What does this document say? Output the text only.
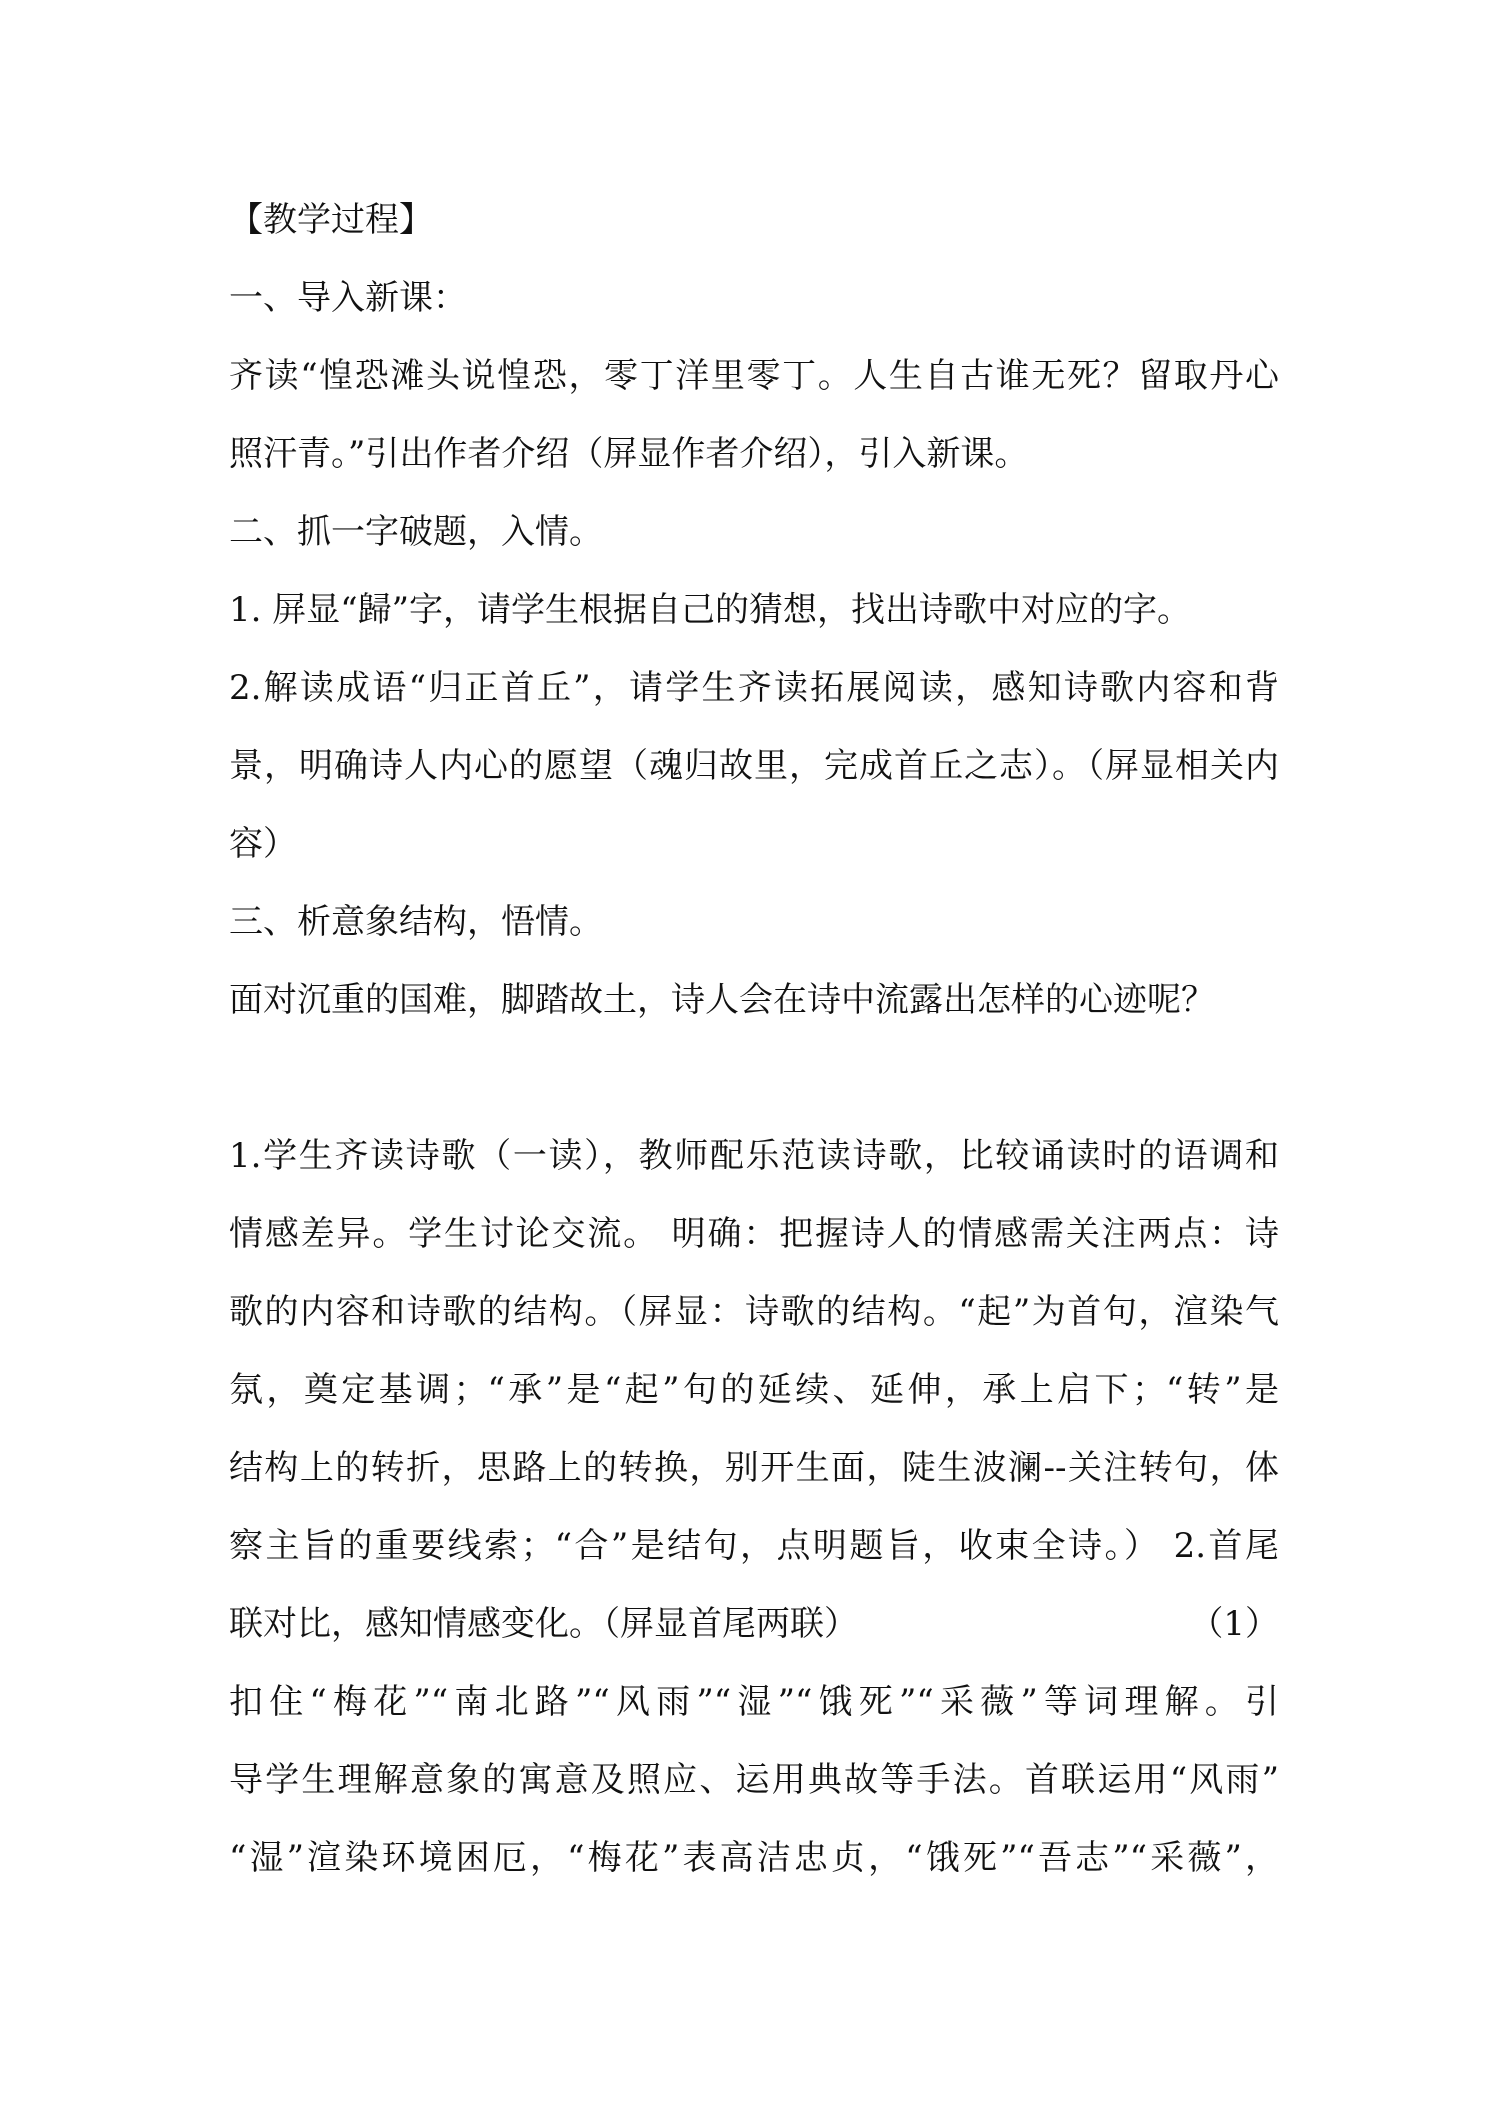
【教学过程】
一、导入新课：
齐读“惶恐滩头说惶恐，零丁洋里零丁。人生自古谁无死？留取丹心
照汗青。”引出作者介绍（屏显作者介绍），引入新课。
二、抓一字破题，入情。
1. 屏显“歸”字，请学生根据自己的猜想，找出诗歌中对应的字。
2.解读成语“归正首丘”，请学生齐读拓展阅读，感知诗歌内容和背
景，明确诗人内心的愿望（魂归故里，完成首丘之志）。（屏显相关内
容）
三、析意象结构，悟情。
面对沉重的国难，脚踏故土，诗人会在诗中流露出怎样的心迹呢？
1.学生齐读诗歌（一读），教师配乐范读诗歌，比较诵读时的语调和
情感差异。学生讨论交流。 明确：把握诗人的情感需关注两点：诗
歌的内容和诗歌的结构。（屏显：诗歌的结构。“起”为首句，渲染气
氛，奠定基调；“承”是“起”句的延续、延伸，承上启下；“转”是
结构上的转折，思路上的转换，别开生面，陡生波澜--关注转句，体
察主旨的重要线索；“合”是结句，点明题旨，收束全诗。） 2.首尾
联对比，感知情感变化。（屏显首尾两联）	（1）
扣住“梅花”“南北路”“风雨”“湿”“饿死”“采薇”等词理解。引
导学生理解意象的寓意及照应、运用典故等手法。首联运用“风雨”
“湿”渲染环境困厄，“梅花”表高洁忠贞，“饿死”“吾志”“采薇”，
